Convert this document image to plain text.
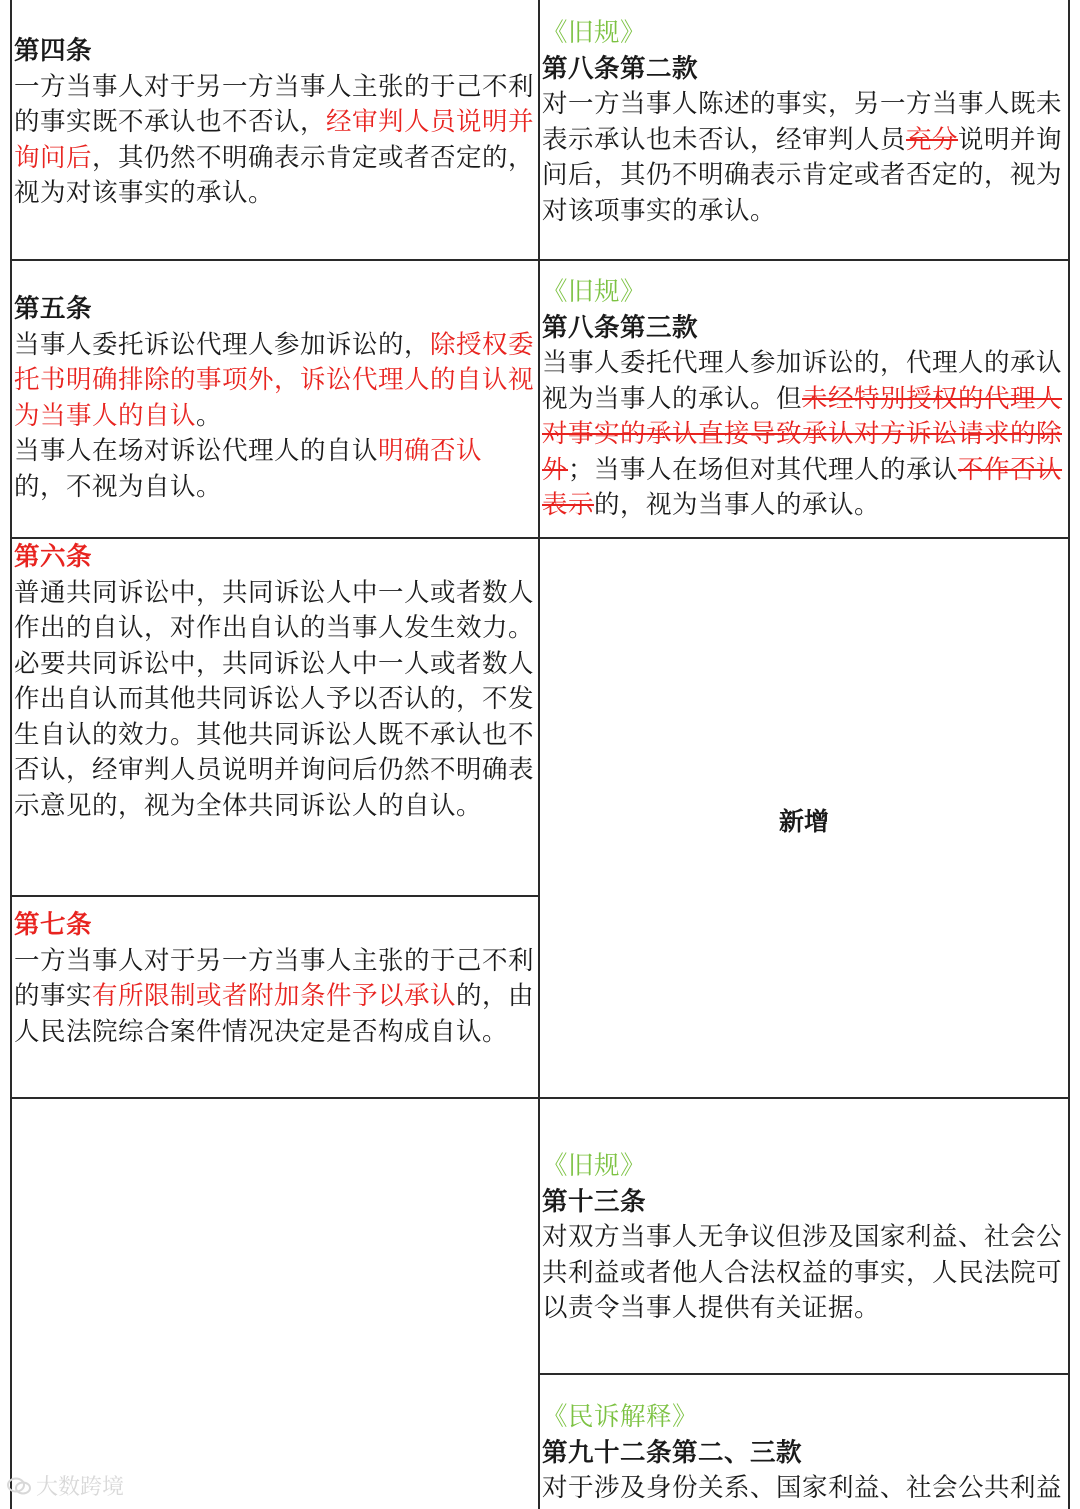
第四条

一方当事人对于另一方当事人主张的于己不利的事实既不承认也不否认，经审判人员说明并询问后，其仍然不明确表示肯定或者否定的，视为对该事实的承认。

《旧规》

第八条第二款

对一方当事人陈述的事实，另一方当事人既未表示承认也未否认，经审判人员充分说明并询问后，其仍不明确表示肯定或者否定的，视为对该项事实的承认。

第五条

当事人委托诉讼代理人参加诉讼的，除授权委托书明确排除的事项外，诉讼代理人的自认视为当事人的自认。

当事人在场对诉讼代理人的自认明确否认的，不视为自认。

《旧规》

第八条第三款

当事人委托代理人参加诉讼的，代理人的承认视为当事人的承认。但未经特别授权的代理人对事实的承认直接导致承认对方诉讼请求的除外；当事人在场但对其代理人的承认不作否认表示的，视为当事人的承认。

第六条

普通共同诉讼中，共同诉讼人中一人或者数人作出的自认，对作出自认的当事人发生效力。

必要共同诉讼中，共同诉讼人中一人或者数人作出自认而其他共同诉讼人予以否认的，不发生自认的效力。其他共同诉讼人既不承认也不否认，经审判人员说明并询问后仍然不明确表示意见的，视为全体共同诉讼人的自认。

第七条

一方当事人对于另一方当事人主张的于己不利的事实有所限制或者附加条件予以承认的，由人民法院综合案件情况决定是否构成自认。

新增

《旧规》

第十三条

对双方当事人无争议但涉及国家利益、社会公共利益或者他人合法权益的事实，人民法院可以责令当事人提供有关证据。

《民诉解释》

第九十二条第二、三款

对于涉及身份关系、国家利益、社会公共利益

大数跨境
